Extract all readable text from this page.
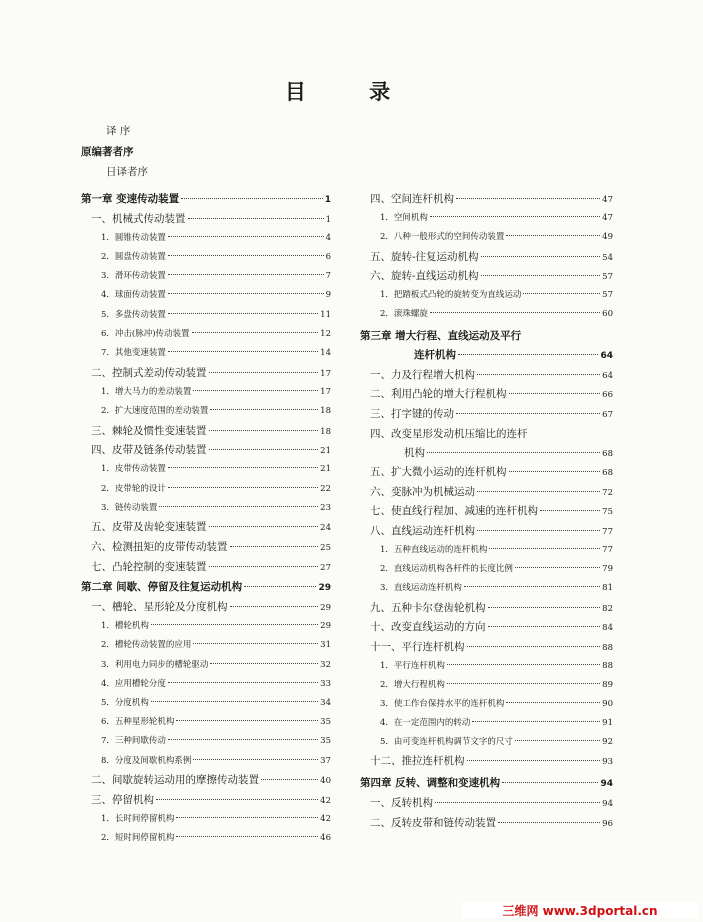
目 录
译 序
原编著者序
日译者序
第一章 变速传动装置	1
一、机械式传动装置	1
1．圆锥传动装置	4
2．圆盘传动装置	6
3．滑环传动装置	7
4．球面传动装置	9
5．多盘传动装置	11
6．冲击(脉冲)传动装置	12
7．其他变速装置	14
二、控制式差动传动装置	17
1．增大马力的差动装置	17
2．扩大速度范围的差动装置	18
三、棘轮及惯性变速装置	18
四、皮带及链条传动装置	21
1．皮带传动装置	21
2．皮带轮的设计	22
3．链传动装置	23
五、皮带及齿轮变速装置	24
六、检测扭矩的皮带传动装置	25
七、凸轮控制的变速装置	27
第二章 间歇、停留及往复运动机构	29
一、槽轮、星形轮及分度机构	29
1．槽轮机构	29
2．槽轮传动装置的应用	31
3．利用电力同步的槽轮驱动	32
4．应用槽轮分度	33
5．分度机构	34
6．五种星形轮机构	35
7．三种间歇传动	35
8．分度及间歇机构系例	37
二、间歇旋转运动用的摩擦传动装置	40
三、停留机构	42
1．长时间停留机构	42
2．短时间停留机构	46
四、空间连杆机构	47
1．空间机构	47
2．八种一般形式的空间传动装置	49
五、旋转-往复运动机构	54
六、旋转-直线运动机构	57
1．把踏板式凸轮的旋转变为直线运动	57
2．滚珠螺旋	60
第三章 增大行程、直线运动及平行
连杆机构	64
一、力及行程增大机构	64
二、利用凸轮的增大行程机构	66
三、打字键的传动	67
四、改变星形发动机压缩比的连杆
机构	68
五、扩大微小运动的连杆机构	68
六、变脉冲为机械运动	72
七、使直线行程加、减速的连杆机构	75
八、直线运动连杆机构	77
1．五种直线运动的连杆机构	77
2．直线运动机构各杆件的长度比例	79
3．直线运动连杆机构	81
九、五种卡尔登齿轮机构	82
十、改变直线运动的方向	84
十一、平行连杆机构	88
1．平行连杆机构	88
2．增大行程机构	89
3．使工作台保持水平的连杆机构	90
4．在一定范围内的转动	91
5．由可变连杆机构调节文字的尺寸	92
十二、推拉连杆机构	93
第四章 反转、调整和变速机构	94
一、反转机构	94
二、反转皮带和链传动装置	96
三维网 www.3dportal.cn
